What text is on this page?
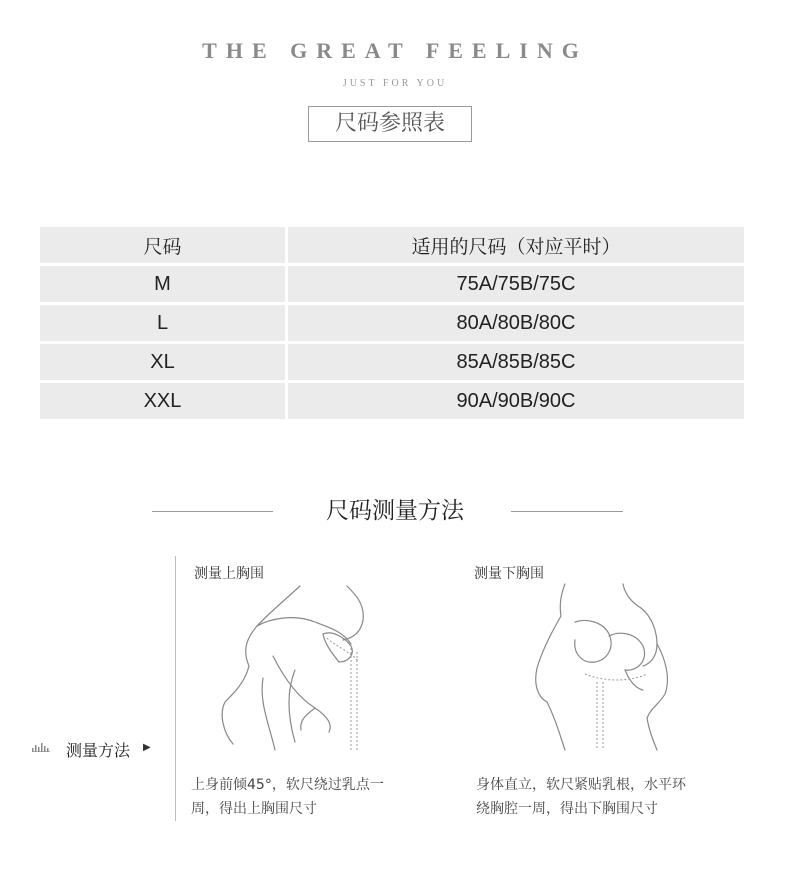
THE GREAT FEELING
JUST FOR YOU
尺码参照表
尺码	适用的尺码（对应平时）
M	75A/75B/75C
L	80A/80B/80C
XL	85A/85B/85C
XXL	90A/90B/90C
尺码测量方法
测量方法 ▶
测量上胸围
上身前倾45°，软尺绕过乳点一
周，得出上胸围尺寸
测量下胸围
身体直立，软尺紧贴乳根，水平环
绕胸腔一周，得出下胸围尺寸
